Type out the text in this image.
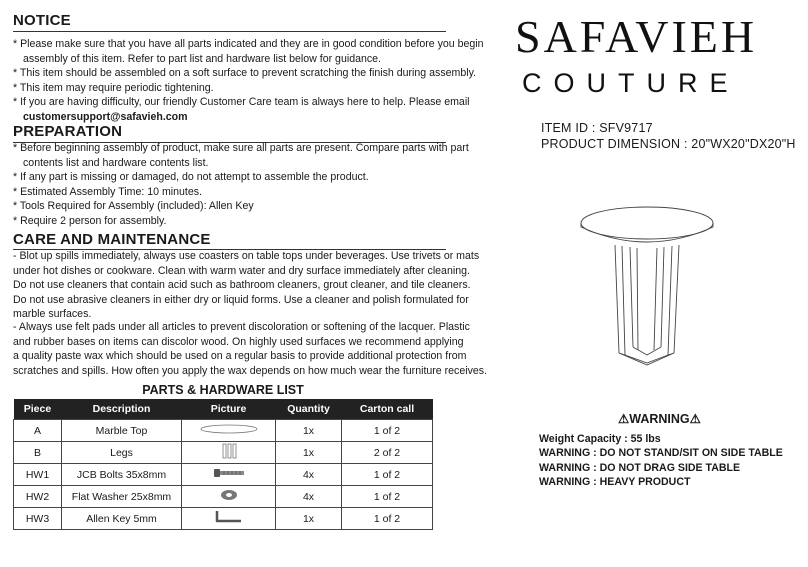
NOTICE
* Please make sure that you have all parts indicated and they are in good condition before you begin
assembly of this item. Refer to part list and hardware list below for guidance.
* This item should be assembled on a soft surface to prevent scratching the finish during assembly.
* This item may require periodic tightening.
* If you are having difficulty, our friendly Customer Care team is always here to help. Please email
customersupport@safavieh.com
PREPARATION
* Before beginning assembly of product, make sure all parts are present. Compare parts with part
contents list and hardware contents list.
* If any part is missing or damaged, do not attempt to assemble the product.
* Estimated Assembly Time: 10 minutes.
* Tools Required for Assembly (included): Allen Key
* Require 2 person for assembly.
CARE AND MAINTENANCE
- Blot up spills immediately, always use coasters on table tops under beverages. Use trivets or mats
under hot dishes or cookware. Clean with warm water and dry surface immediately after cleaning.
Do not use cleaners that contain acid such as bathroom cleaners, grout cleaner, and tile cleaners.
Do not use abrasive cleaners in either dry or liquid forms. Use a cleaner and polish formulated for
marble surfaces.
- Always use felt pads under all articles to prevent discoloration or softening of the lacquer. Plastic
and rubber bases on items can discolor wood. On highly used surfaces we recommend applying
a quality paste wax which should be used on a regular basis to provide additional protection from
scratches and spills. How often you apply the wax depends on how much wear the furniture receives.
PARTS & HARDWARE LIST
Piece	Description	Picture	Quantity	Carton call
A	Marble Top		1x	1 of 2
B	Legs		1x	2 of 2
HW1	JCB Bolts 35x8mm		4x	1 of 2
HW2	Flat Washer 25x8mm		4x	1 of 2
HW3	Allen Key 5mm		1x	1 of 2
SAFAVIEH
COUTURE
ITEM ID : SFV9717
PRODUCT DIMENSION : 20"WX20"DX20"H
⚠WARNING⚠
Weight Capacity : 55 lbs
WARNING : DO NOT STAND/SIT ON SIDE TABLE
WARNING : DO NOT DRAG SIDE TABLE
WARNING : HEAVY PRODUCT
